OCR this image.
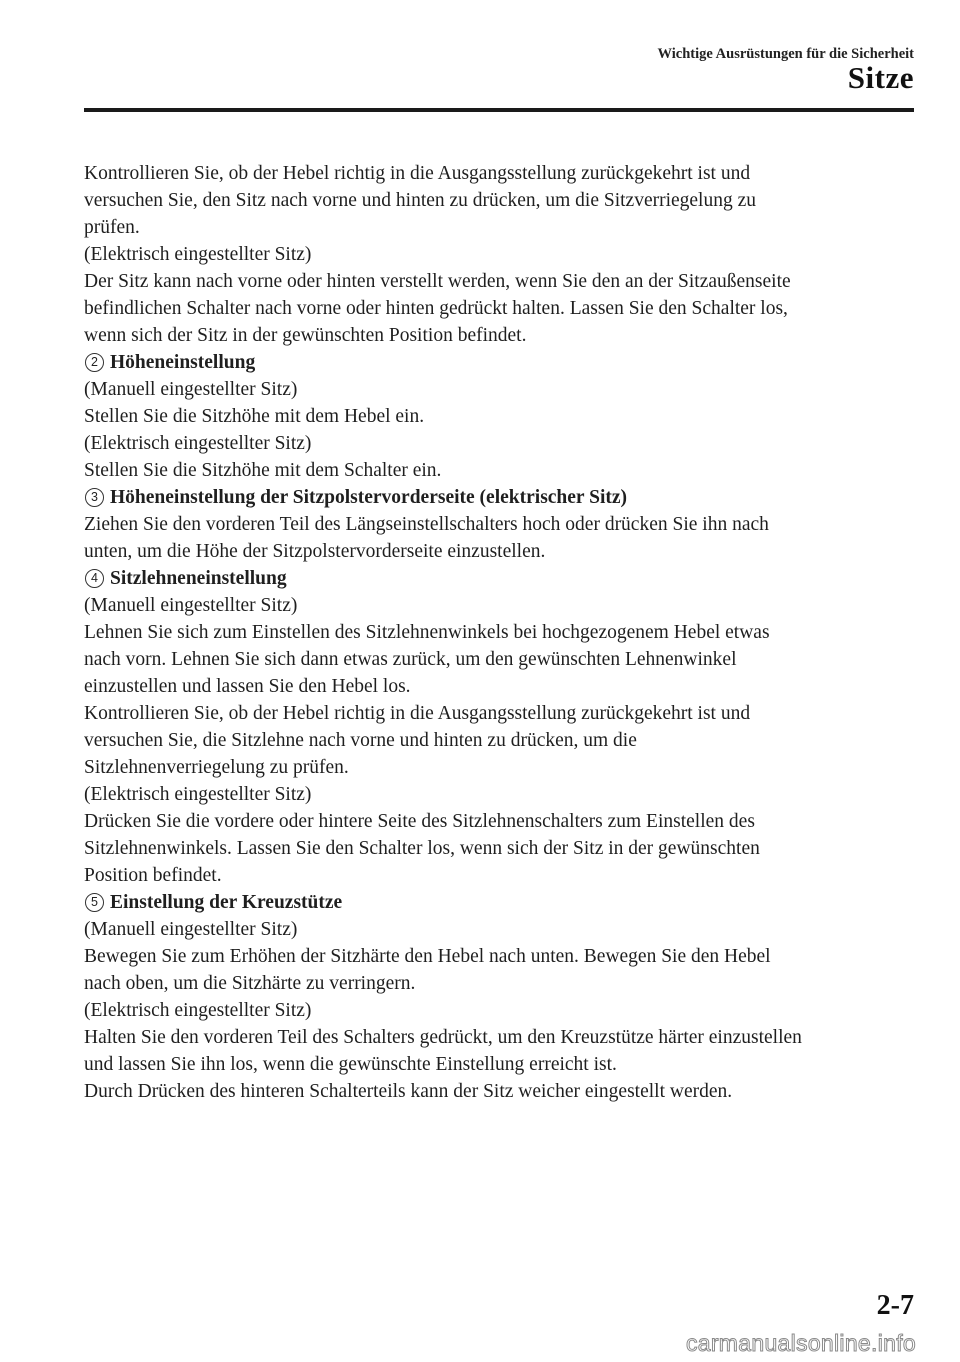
Wichtige Ausrüstungen für die Sicherheit
Sitze
Kontrollieren Sie, ob der Hebel richtig in die Ausgangsstellung zurückgekehrt ist und
versuchen Sie, den Sitz nach vorne und hinten zu drücken, um die Sitzverriegelung zu
prüfen.
(Elektrisch eingestellter Sitz)
Der Sitz kann nach vorne oder hinten verstellt werden, wenn Sie den an der Sitzaußenseite
befindlichen Schalter nach vorne oder hinten gedrückt halten. Lassen Sie den Schalter los,
wenn sich der Sitz in der gewünschten Position befindet.
2 Höheneinstellung
(Manuell eingestellter Sitz)
Stellen Sie die Sitzhöhe mit dem Hebel ein.
(Elektrisch eingestellter Sitz)
Stellen Sie die Sitzhöhe mit dem Schalter ein.
3 Höheneinstellung der Sitzpolstervorderseite (elektrischer Sitz)
Ziehen Sie den vorderen Teil des Längseinstellschalters hoch oder drücken Sie ihn nach
unten, um die Höhe der Sitzpolstervorderseite einzustellen.
4 Sitzlehneneinstellung
(Manuell eingestellter Sitz)
Lehnen Sie sich zum Einstellen des Sitzlehnenwinkels bei hochgezogenem Hebel etwas
nach vorn. Lehnen Sie sich dann etwas zurück, um den gewünschten Lehnenwinkel
einzustellen und lassen Sie den Hebel los.
Kontrollieren Sie, ob der Hebel richtig in die Ausgangsstellung zurückgekehrt ist und
versuchen Sie, die Sitzlehne nach vorne und hinten zu drücken, um die
Sitzlehnenverriegelung zu prüfen.
(Elektrisch eingestellter Sitz)
Drücken Sie die vordere oder hintere Seite des Sitzlehnenschalters zum Einstellen des
Sitzlehnenwinkels. Lassen Sie den Schalter los, wenn sich der Sitz in der gewünschten
Position befindet.
5 Einstellung der Kreuzstütze
(Manuell eingestellter Sitz)
Bewegen Sie zum Erhöhen der Sitzhärte den Hebel nach unten. Bewegen Sie den Hebel
nach oben, um die Sitzhärte zu verringern.
(Elektrisch eingestellter Sitz)
Halten Sie den vorderen Teil des Schalters gedrückt, um den Kreuzstütze härter einzustellen
und lassen Sie ihn los, wenn die gewünschte Einstellung erreicht ist.
Durch Drücken des hinteren Schalterteils kann der Sitz weicher eingestellt werden.
2-7
carmanualsonline.info
